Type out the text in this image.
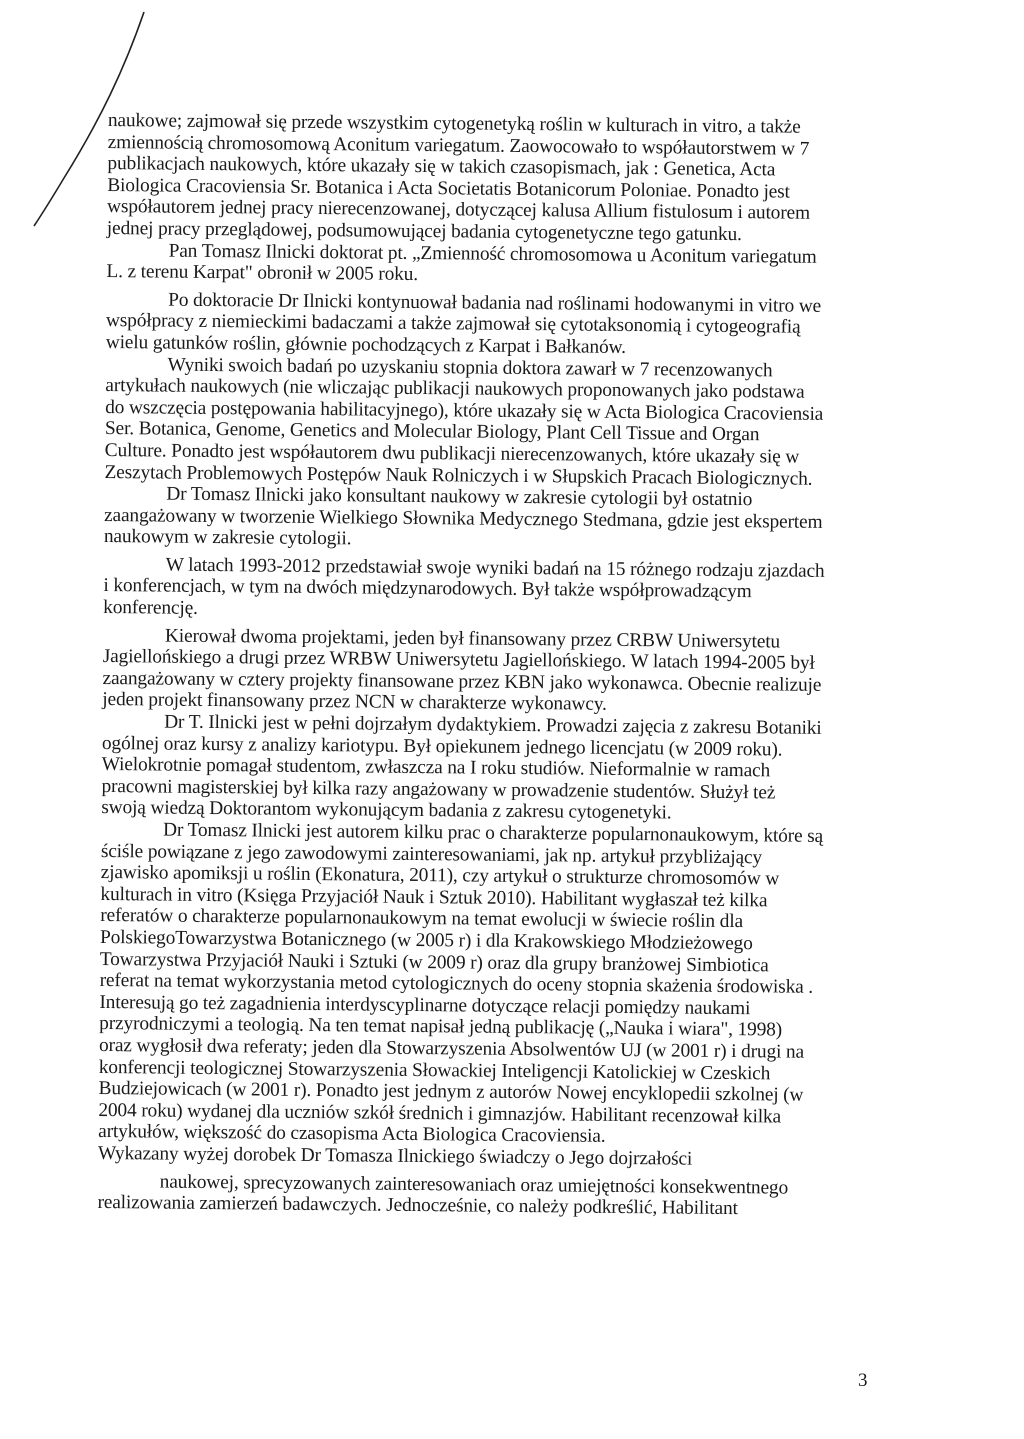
naukowe; zajmował się przede wszystkim cytogenetyką roślin w kulturach in vitro, a także
zmiennością chromosomową Aconitum variegatum. Zaowocowało to współautorstwem w 7
publikacjach naukowych, które ukazały się w takich czasopismach, jak : Genetica, Acta
Biologica Cracoviensia Sr. Botanica i Acta Societatis Botanicorum Poloniae. Ponadto jest
współautorem jednej pracy nierecenzowanej, dotyczącej kalusa Allium fistulosum i autorem
jednej pracy przeglądowej, podsumowującej badania cytogenetyczne tego gatunku.
Pan Tomasz Ilnicki doktorat pt. „Zmienność chromosomowa u Aconitum variegatum
L. z terenu Karpat" obronił w 2005 roku.
Po doktoracie Dr Ilnicki kontynuował badania nad roślinami hodowanymi in vitro we
współpracy z niemieckimi badaczami a także zajmował się cytotaksonomią i cytogeografią
wielu gatunków roślin, głównie pochodzących z Karpat i Bałkanów.
Wyniki swoich badań po uzyskaniu stopnia doktora zawarł w 7 recenzowanych
artykułach naukowych (nie wliczając publikacji naukowych proponowanych jako podstawa
do wszczęcia postępowania habilitacyjnego), które ukazały się w Acta Biologica Cracoviensia
Ser. Botanica, Genome, Genetics and Molecular Biology, Plant Cell Tissue and Organ
Culture. Ponadto jest współautorem dwu publikacji nierecenzowanych, które ukazały się w
Zeszytach Problemowych Postępów Nauk Rolniczych i w Słupskich Pracach Biologicznych.
Dr Tomasz Ilnicki jako konsultant naukowy w zakresie cytologii był ostatnio
zaangażowany w tworzenie Wielkiego Słownika Medycznego Stedmana, gdzie jest ekspertem
naukowym w zakresie cytologii.
W latach 1993-2012 przedstawiał swoje wyniki badań na 15 różnego rodzaju zjazdach
i konferencjach, w tym na dwóch międzynarodowych. Był także współprowadzącym
konferencję.
Kierował dwoma projektami, jeden był finansowany przez CRBW Uniwersytetu
Jagiellońskiego a drugi przez WRBW Uniwersytetu Jagiellońskiego. W latach 1994-2005 był
zaangażowany w cztery projekty finansowane przez KBN jako wykonawca. Obecnie realizuje
jeden projekt finansowany przez NCN w charakterze wykonawcy.
Dr T. Ilnicki jest w pełni dojrzałym dydaktykiem. Prowadzi zajęcia z zakresu Botaniki
ogólnej oraz kursy z analizy kariotypu. Był opiekunem jednego licencjatu (w 2009 roku).
Wielokrotnie pomagał studentom, zwłaszcza na I roku studiów. Nieformalnie w ramach
pracowni magisterskiej był kilka razy angażowany w prowadzenie studentów. Służył też
swoją wiedzą Doktorantom wykonującym badania z zakresu cytogenetyki.
Dr Tomasz Ilnicki jest autorem kilku prac o charakterze popularnonaukowym, które są
ściśle powiązane z jego zawodowymi zainteresowaniami, jak np. artykuł przybliżający
zjawisko apomiksji u roślin (Ekonatura, 2011), czy artykuł o strukturze chromosomów w
kulturach in vitro (Księga Przyjaciół Nauk i Sztuk 2010). Habilitant wygłaszał też kilka
referatów o charakterze popularnonaukowym na temat ewolucji w świecie roślin dla
PolskiegoTowarzystwa Botanicznego (w 2005 r) i dla Krakowskiego Młodzieżowego
Towarzystwa Przyjaciół Nauki i Sztuki (w 2009 r) oraz dla grupy branżowej Simbiotica
referat na temat wykorzystania metod cytologicznych do oceny stopnia skażenia środowiska .
Interesują go też zagadnienia interdyscyplinarne dotyczące relacji pomiędzy naukami
przyrodniczymi a teologią. Na ten temat napisał jedną publikację („Nauka i wiara", 1998)
oraz wygłosił dwa referaty; jeden dla Stowarzyszenia Absolwentów UJ (w 2001 r) i drugi na
konferencji teologicznej Stowarzyszenia Słowackiej Inteligencji Katolickiej w Czeskich
Budziejowicach (w 2001 r). Ponadto jest jednym z autorów Nowej encyklopedii szkolnej (w
2004 roku) wydanej dla uczniów szkół średnich i gimnazjów. Habilitant recenzował kilka
artykułów, większość do czasopisma Acta Biologica Cracoviensia.
Wykazany wyżej dorobek Dr Tomasza Ilnickiego świadczy o Jego dojrzałości
naukowej, sprecyzowanych zainteresowaniach oraz umiejętności konsekwentnego
realizowania zamierzeń badawczych. Jednocześnie, co należy podkreślić, Habilitant
3
